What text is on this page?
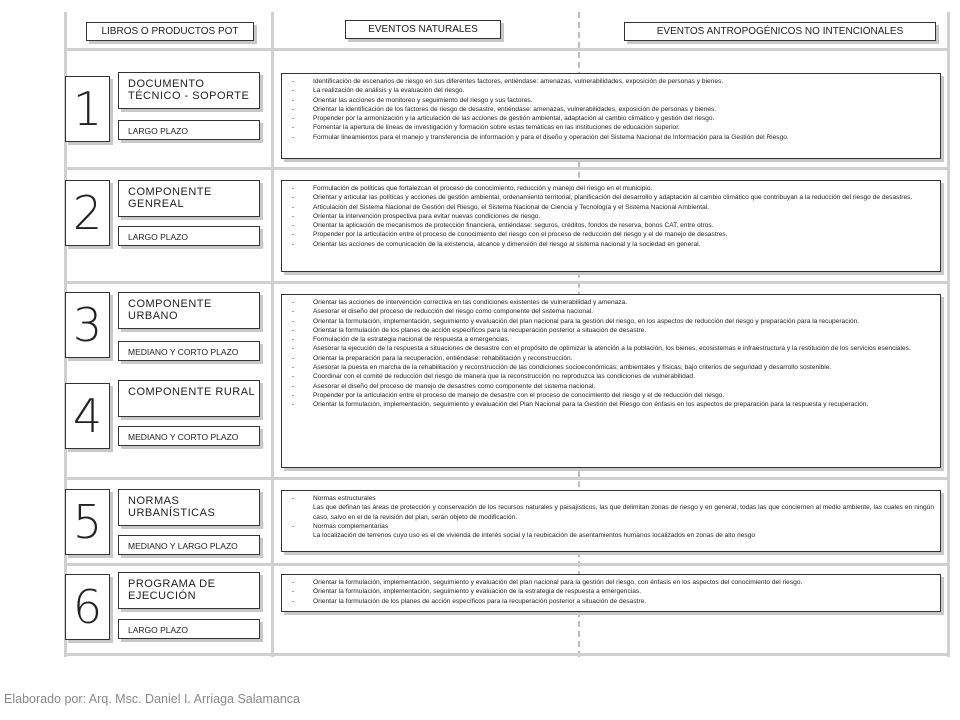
LIBROS O PRODUCTOS POT	EVENTOS NATURALES	EVENTOS ANTROPOGÉNICOS NO INTENCIONALES
1	DOCUMENTO TÉCNICO - SOPORTE
LARGO PLAZO
- Identificación de escenarios de riesgo en sus diferentes factores, entiéndase: amenazas, vulnerabilidades, exposición de personas y bienes.
- La realización de análisis y la evaluación del riesgo.
- Orientar las acciones de monitoreo y seguimiento del riesgo y sus factores.
- Orientar la identificación de los factores de riesgo de desastre, entiéndase: amenazas, vulnerabilidades, exposición de personas y bienes.
- Propender por la armonización y la articulación de las acciones de gestión ambiental, adaptación al cambio climático y gestión del riesgo.
- Fomentar la apertura de líneas de investigación y formación sobre estas temáticas en las instituciones de educación superior.
- Formular lineamientos para el manejo y transferencia de información y para el diseño y operación del Sistema Nacional de Información para la Gestión del Riesgo.
2	COMPONENTE GENREAL
LARGO PLAZO
- Formulación de políticas que fortalezcan el proceso de conocimiento, reducción y manejo del riesgo en el municipio.
- Orientar y articular las políticas y acciones de gestión ambiental, ordenamiento territorial, planificación del desarrollo y adaptación al cambio climático que contribuyan a la reducción del riesgo de desastres.
- Articulación del Sistema Nacional de Gestión del Riesgo, el Sistema Nacional de Ciencia y Tecnología y el Sistema Nacional Ambiental.
- Orientar la intervención prospectiva para evitar nuevas condiciones de riesgo.
- Orientar la aplicación de mecanismos de protección financiera, entiéndase: seguros, créditos, fondos de reserva, bonos CAT, entre otros.
- Propender por la articulación entre el proceso de conocimiento del riesgo con el proceso de reducción del riesgo y el de manejo de desastres.
- Orientar las acciones de comunicación de la existencia, alcance y dimensión del riesgo al sistema nacional y la sociedad en general.
3	COMPONENTE URBANO
MEDIANO Y CORTO PLAZO
4	COMPONENTE RURAL
MEDIANO Y CORTO PLAZO
- Orientar las acciones de intervención correctiva en las condiciones existentes de vulnerabilidad y amenaza.
- Asesorar el diseño del proceso de reducción del riesgo como componente del sistema nacional.
- Orientar la formulación, implementación, seguimiento y evaluación del plan nacional para la gestión del riesgo, en los aspectos de reducción del riesgo y preparación para la recuperación.
- Orientar la formulación de los planes de acción específicos para la recuperación posterior a situación de desastre.
- Formulación de la estrategia nacional de respuesta a emergencias.
- Asesorar la ejecución de la respuesta a situaciones de desastre con el propósito de optimizar la atención a la población, los bienes, ecosistemas e infraestructura y la restitución de los servicios esenciales.
- Orientar la preparación para la recuperación, entiéndase: rehabilitación y reconstrucción.
- Asesorar la puesta en marcha de la rehabilitación y reconstrucción de las condiciones socioeconómicas, ambientales y físicas, bajo criterios de seguridad y desarrollo sostenible.
- Coordinar con el comité de reducción del riesgo de manera que la reconstrucción no reproduzca las condiciones de vulnerabilidad.
- Asesorar el diseño del proceso de manejo de desastres como componente del sistema nacional.
- Propender por la articulación entre el proceso de manejo de desastre con el proceso de conocimiento del riesgo y el de reducción del riesgo.
- Orientar la formulación, implementación, seguimiento y evaluación del Plan Nacional para la Gestión del Riesgo con énfasis en los aspectos de preparación para la respuesta y recuperación.
5	NORMAS URBANÍSTICAS
MEDIANO Y LARGO PLAZO
- Normas estructurales
Las que definan las áreas de protección y conservación de los recursos naturales y paisajísticos, las que delimitan zonas de riesgo y en general, todas las que conciernen al medio ambiente, las cuales en ningún caso, salvo en el de la revisión del plan, serán objeto de modificación.
- Normas complementarias
La localización de terrenos cuyo uso es el de vivienda de interés social y la reubicación de asentamientos humanos localizados en zonas de alto riesgo
6	PROGRAMA DE EJECUCIÓN
LARGO PLAZO
- Orientar la formulación, implementación, seguimiento y evaluación del plan nacional para la gestión del riesgo, con énfasis en los aspectos del conocimiento del riesgo.
- Orientar la formulación, implementación, seguimiento y evaluación de la estrategia de respuesta a emergencias.
- Orientar la formulación de los planes de acción específicos para la recuperación posterior a situación de desastre.
Elaborado por: Arq. Msc. Daniel I. Arriaga Salamanca
